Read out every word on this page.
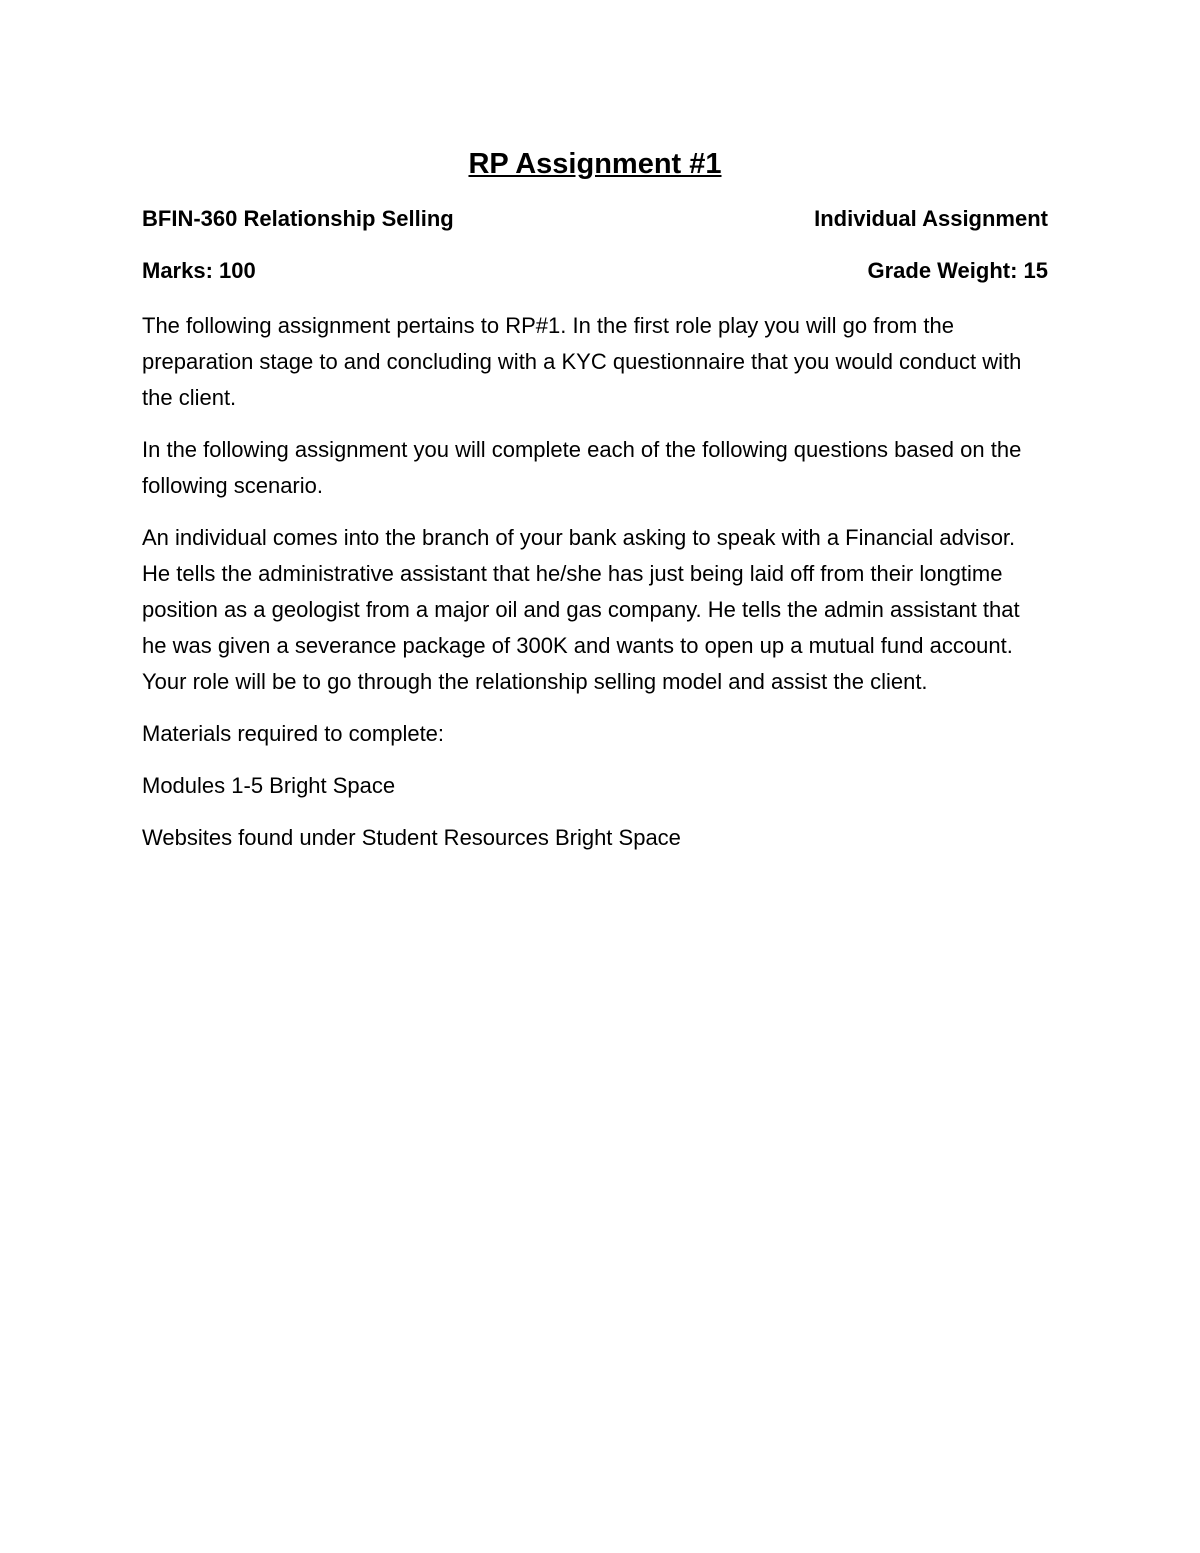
RP Assignment #1
BFIN-360 Relationship Selling	Individual Assignment
Marks: 100	Grade Weight: 15

The following assignment pertains to RP#1. In the first role play you will go from the preparation stage to and concluding with a KYC questionnaire that you would conduct with the client.

In the following assignment you will complete each of the following questions based on the following scenario.

An individual comes into the branch of your bank asking to speak with a Financial advisor. He tells the administrative assistant that he/she has just being laid off from their longtime position as a geologist from a major oil and gas company. He tells the admin assistant that he was given a severance package of 300K and wants to open up a mutual fund account. Your role will be to go through the relationship selling model and assist the client.

Materials required to complete:

Modules 1-5 Bright Space

Websites found under Student Resources Bright Space
